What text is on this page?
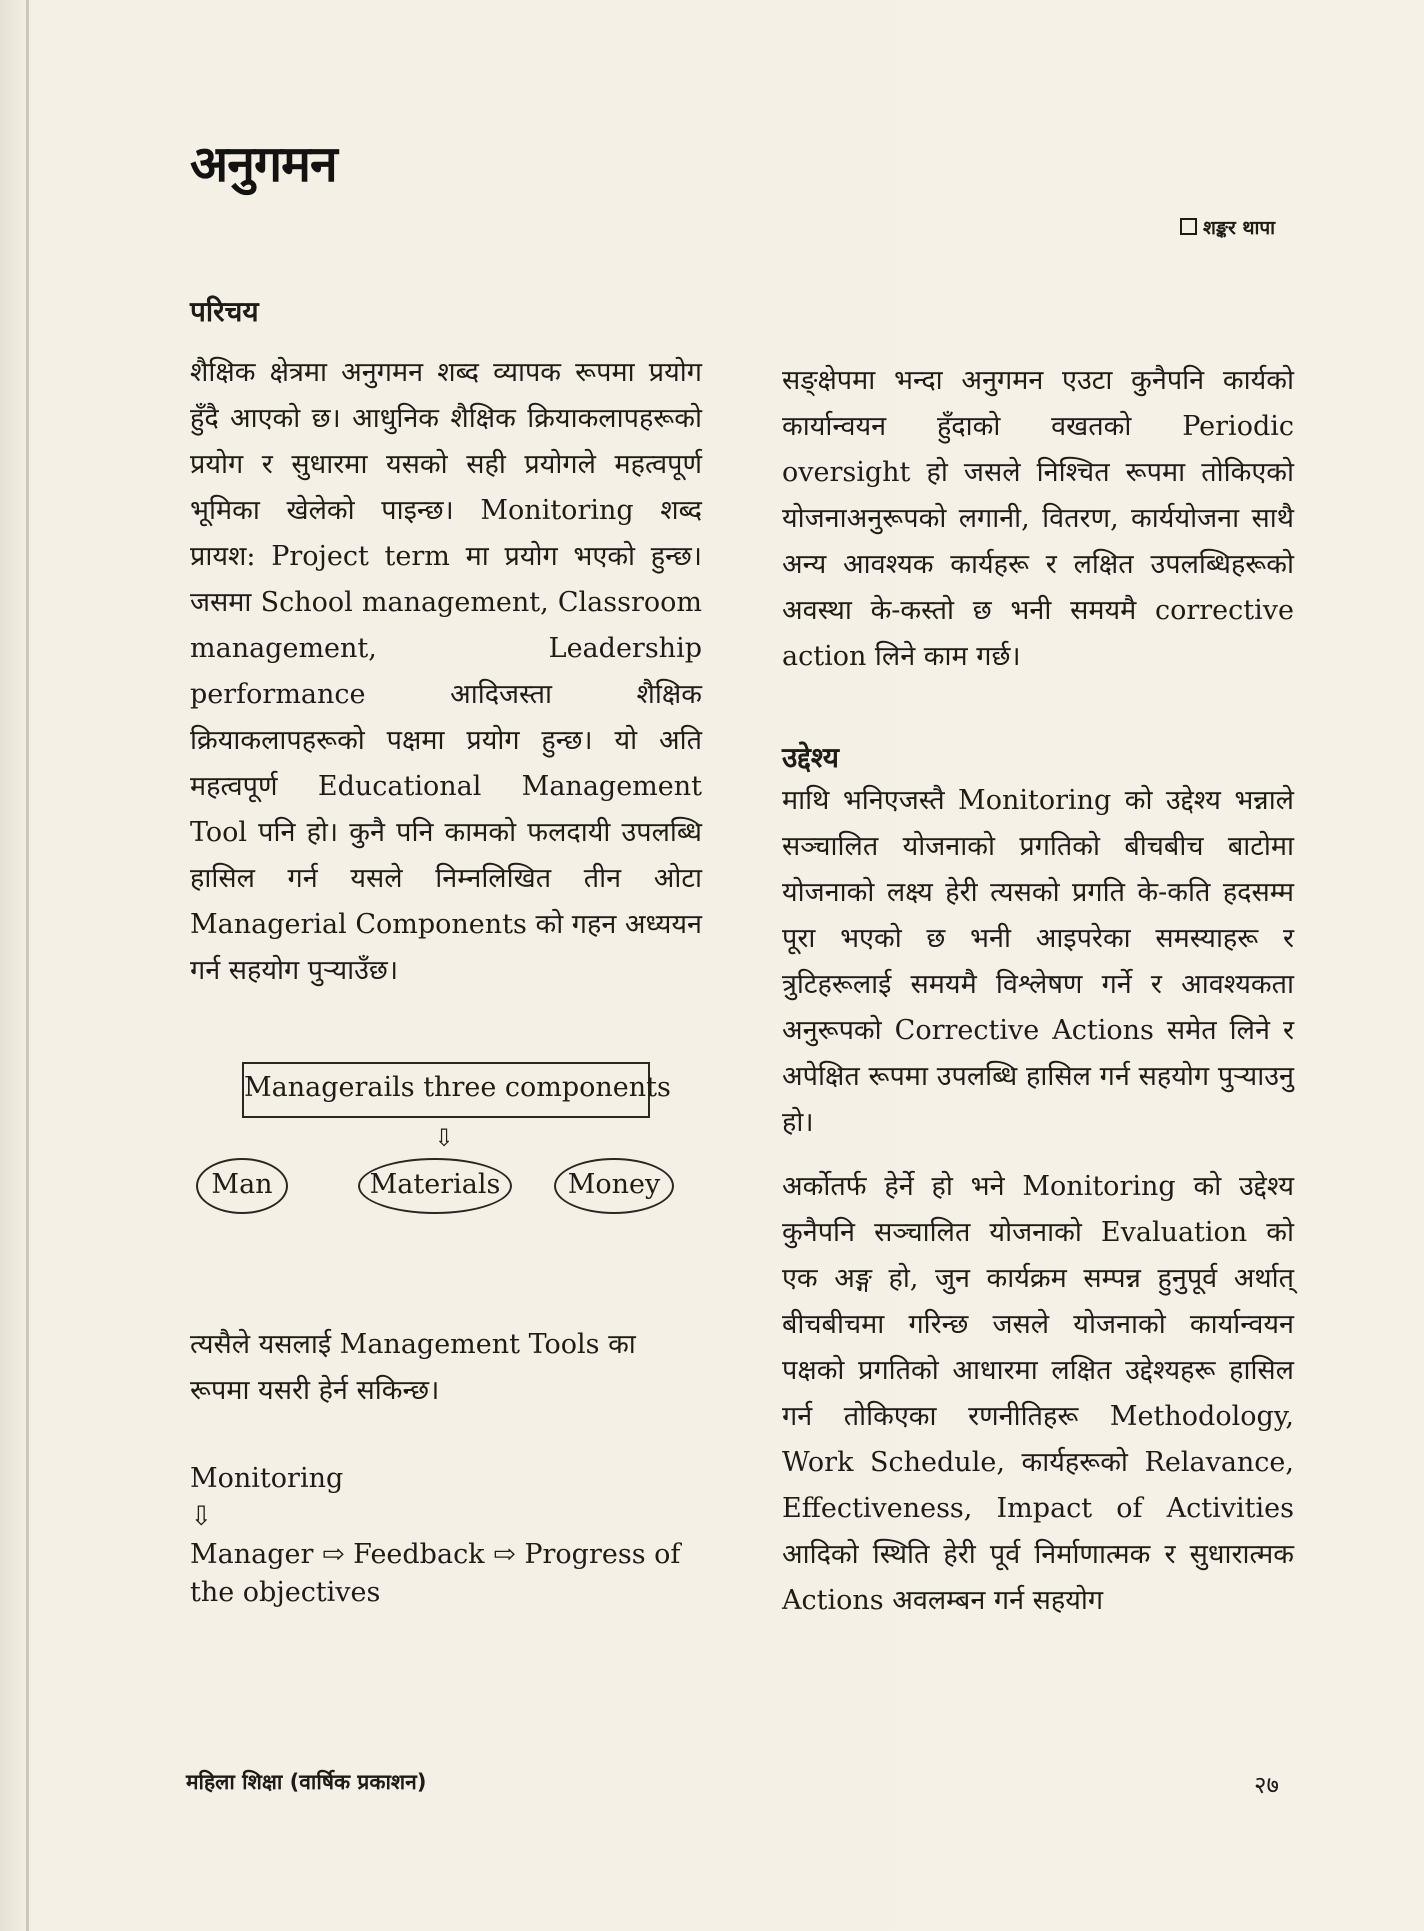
अनुगमन
शङ्कर थापा
परिचय

शैक्षिक क्षेत्रमा अनुगमन शब्द व्यापक रूपमा प्रयोग हुँदै आएको छ। आधुनिक शैक्षिक क्रियाकलापहरूको प्रयोग र सुधारमा यसको सही प्रयोगले महत्वपूर्ण भूमिका खेलेको पाइन्छ। Monitoring शब्द प्रायश: Project term मा प्रयोग भएको हुन्छ। जसमा School management, Classroom management, Leadership performance आदिजस्ता शैक्षिक क्रियाकलापहरूको पक्षमा प्रयोग हुन्छ। यो अति महत्वपूर्ण Educational Management Tool पनि हो। कुनै पनि कामको फलदायी उपलब्धि हासिल गर्न यसले निम्नलिखित तीन ओटा Managerial Components को गहन अध्ययन गर्न सहयोग पुऱ्याउँछ।

Managerails three components
⇩
Man	Materials	Money

त्यसैले यसलाई Management Tools का रूपमा यसरी हेर्न सकिन्छ।

Monitoring
⇩
Manager ⇨ Feedback ⇨ Progress of
the objectives

सङ्क्षेपमा भन्दा अनुगमन एउटा कुनैपनि कार्यको कार्यान्वयन हुँदाको वखतको Periodic oversight हो जसले निश्चित रूपमा तोकिएको योजनाअनुरूपको लगानी, वितरण, कार्ययोजना साथै अन्य आवश्यक कार्यहरू र लक्षित उपलब्धिहरूको अवस्था के-कस्तो छ भनी समयमै corrective action लिने काम गर्छ।

माथि भनिएजस्तै Monitoring को उद्देश्य भन्नाले सञ्चालित योजनाको प्रगतिको बीचबीच बाटोमा योजनाको लक्ष्य हेरी त्यसको प्रगति के-कति हदसम्म पूरा भएको छ भनी आइपरेका समस्याहरू र त्रुटिहरूलाई समयमै विश्लेषण गर्ने र आवश्यकता अनुरूपको Corrective Actions समेत लिने र अपेक्षित रूपमा उपलब्धि हासिल गर्न सहयोग पुऱ्याउनु हो।

अर्कोतर्फ हेर्ने हो भने Monitoring को उद्देश्य कुनैपनि सञ्चालित योजनाको Evaluation को एक अङ्ग हो, जुन कार्यक्रम सम्पन्न हुनुपूर्व अर्थात् बीचबीचमा गरिन्छ जसले योजनाको कार्यान्वयन पक्षको प्रगतिको आधारमा लक्षित उद्देश्यहरू हासिल गर्न तोकिएका रणनीतिहरू Methodology, Work Schedule, कार्यहरूको Relavance, Effectiveness, Impact of Activities आदिको स्थिति हेरी पूर्व निर्माणात्मक र सुधारात्मक Actions अवलम्बन गर्न सहयोग

उद्देश्य
महिला शिक्षा (वार्षिक प्रकाशन)	२७
